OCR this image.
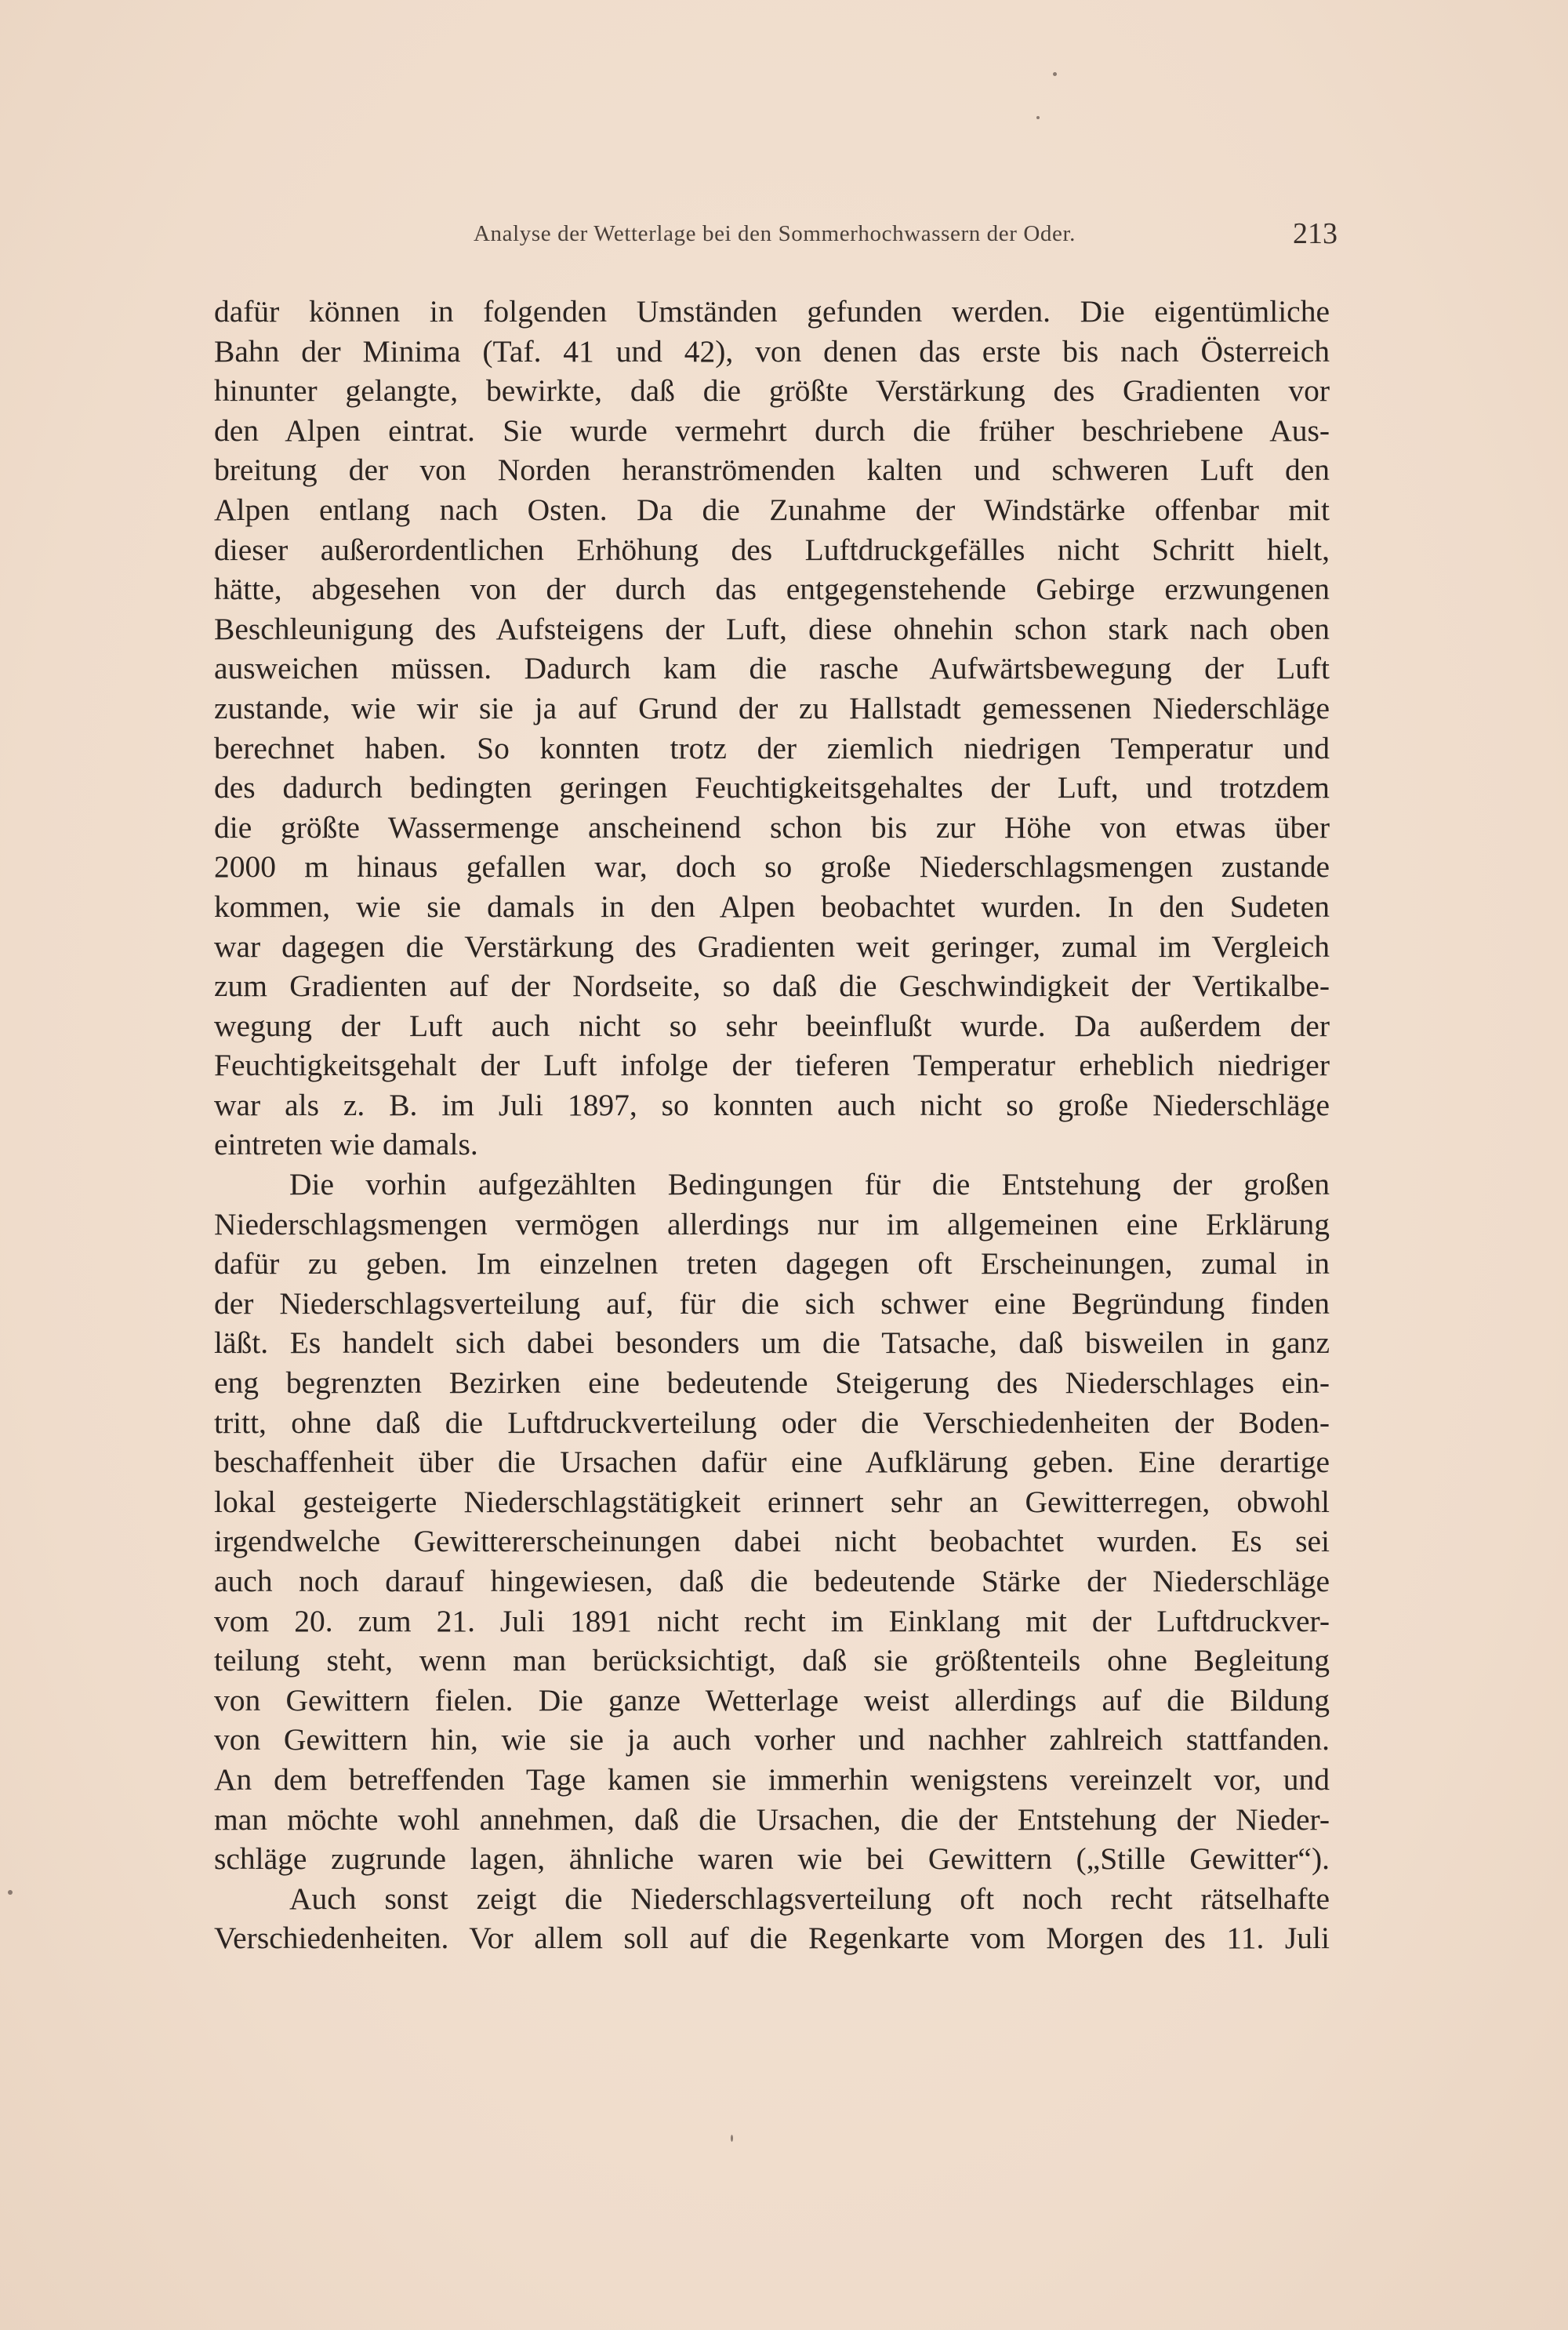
Analyse der Wetterlage bei den Sommerhochwassern der Oder.	213
dafür können in folgenden Umständen gefunden werden. Die eigentümliche
Bahn der Minima (Taf. 41 und 42), von denen das erste bis nach Österreich
hinunter gelangte, bewirkte, daß die größte Verstärkung des Gradienten vor
den Alpen eintrat. Sie wurde vermehrt durch die früher beschriebene Aus-
breitung der von Norden heranströmenden kalten und schweren Luft den
Alpen entlang nach Osten. Da die Zunahme der Windstärke offenbar mit
dieser außerordentlichen Erhöhung des Luftdruckgefälles nicht Schritt hielt,
hätte, abgesehen von der durch das entgegenstehende Gebirge erzwungenen
Beschleunigung des Aufsteigens der Luft, diese ohnehin schon stark nach oben
ausweichen müssen. Dadurch kam die rasche Aufwärtsbewegung der Luft
zustande, wie wir sie ja auf Grund der zu Hallstadt gemessenen Niederschläge
berechnet haben. So konnten trotz der ziemlich niedrigen Temperatur und
des dadurch bedingten geringen Feuchtigkeitsgehaltes der Luft, und trotzdem
die größte Wassermenge anscheinend schon bis zur Höhe von etwas über
2000 m hinaus gefallen war, doch so große Niederschlagsmengen zustande
kommen, wie sie damals in den Alpen beobachtet wurden. In den Sudeten
war dagegen die Verstärkung des Gradienten weit geringer, zumal im Vergleich
zum Gradienten auf der Nordseite, so daß die Geschwindigkeit der Vertikalbe-
wegung der Luft auch nicht so sehr beeinflußt wurde. Da außerdem der
Feuchtigkeitsgehalt der Luft infolge der tieferen Temperatur erheblich niedriger
war als z. B. im Juli 1897, so konnten auch nicht so große Niederschläge
eintreten wie damals.
Die vorhin aufgezählten Bedingungen für die Entstehung der großen
Niederschlagsmengen vermögen allerdings nur im allgemeinen eine Erklärung
dafür zu geben. Im einzelnen treten dagegen oft Erscheinungen, zumal in
der Niederschlagsverteilung auf, für die sich schwer eine Begründung finden
läßt. Es handelt sich dabei besonders um die Tatsache, daß bisweilen in ganz
eng begrenzten Bezirken eine bedeutende Steigerung des Niederschlages ein-
tritt, ohne daß die Luftdruckverteilung oder die Verschiedenheiten der Boden-
beschaffenheit über die Ursachen dafür eine Aufklärung geben. Eine derartige
lokal gesteigerte Niederschlagstätigkeit erinnert sehr an Gewitterregen, obwohl
irgendwelche Gewittererscheinungen dabei nicht beobachtet wurden. Es sei
auch noch darauf hingewiesen, daß die bedeutende Stärke der Niederschläge
vom 20. zum 21. Juli 1891 nicht recht im Einklang mit der Luftdruckver-
teilung steht, wenn man berücksichtigt, daß sie größtenteils ohne Begleitung
von Gewittern fielen. Die ganze Wetterlage weist allerdings auf die Bildung
von Gewittern hin, wie sie ja auch vorher und nachher zahlreich stattfanden.
An dem betreffenden Tage kamen sie immerhin wenigstens vereinzelt vor, und
man möchte wohl annehmen, daß die Ursachen, die der Entstehung der Nieder-
schläge zugrunde lagen, ähnliche waren wie bei Gewittern („Stille Gewitter“).
Auch sonst zeigt die Niederschlagsverteilung oft noch recht rätselhafte
Verschiedenheiten. Vor allem soll auf die Regenkarte vom Morgen des 11. Juli
